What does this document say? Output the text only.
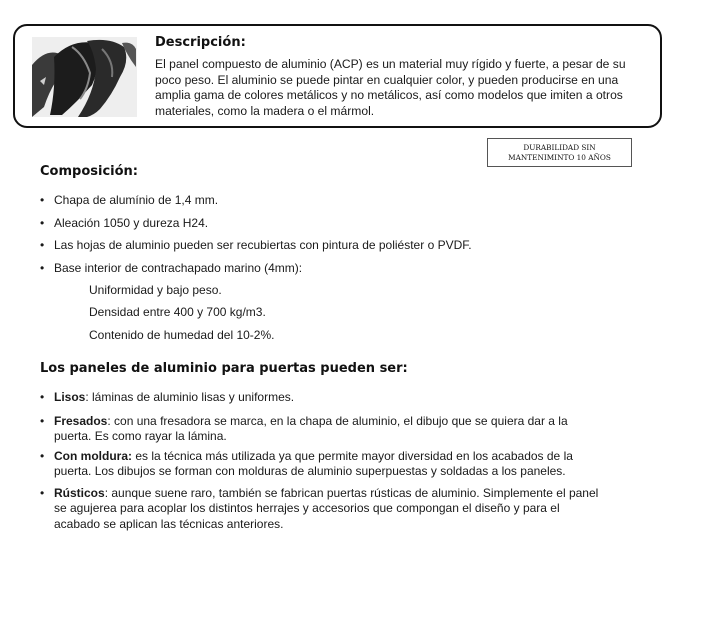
Descripción:
El panel compuesto de aluminio (ACP) es un material muy rígido y fuerte, a pesar de su poco peso. El aluminio se puede pintar en cualquier color, y pueden producirse en una amplia gama de colores metálicos y no metálicos, así como modelos que imiten a otros materiales, como la madera o el mármol.
DURABILIDAD SIN
MANTENIMINTO 10 AÑOS
Composición:
• Chapa de alumínio de 1,4 mm.
• Aleación 1050 y dureza H24.
• Las hojas de aluminio pueden ser recubiertas con pintura de poliéster o PVDF.
• Base interior de contrachapado marino (4mm):
Uniformidad y bajo peso.
Densidad entre 400 y 700 kg/m3.
Contenido de humedad del 10-2%.
Los paneles de aluminio para puertas pueden ser:
• Lisos: láminas de aluminio lisas y uniformes.
• Fresados: con una fresadora se marca, en la chapa de aluminio, el dibujo que se quiera dar a la puerta. Es como rayar la lámina.
• Con moldura: es la técnica más utilizada ya que permite mayor diversidad en los acabados de la puerta. Los dibujos se forman con molduras de aluminio superpuestas y soldadas a los paneles.
• Rústicos: aunque suene raro, también se fabrican puertas rústicas de aluminio. Simplemente el panel se agujerea para acoplar los distintos herrajes y accesorios que compongan el diseño y para el acabado se aplican las técnicas anteriores.
